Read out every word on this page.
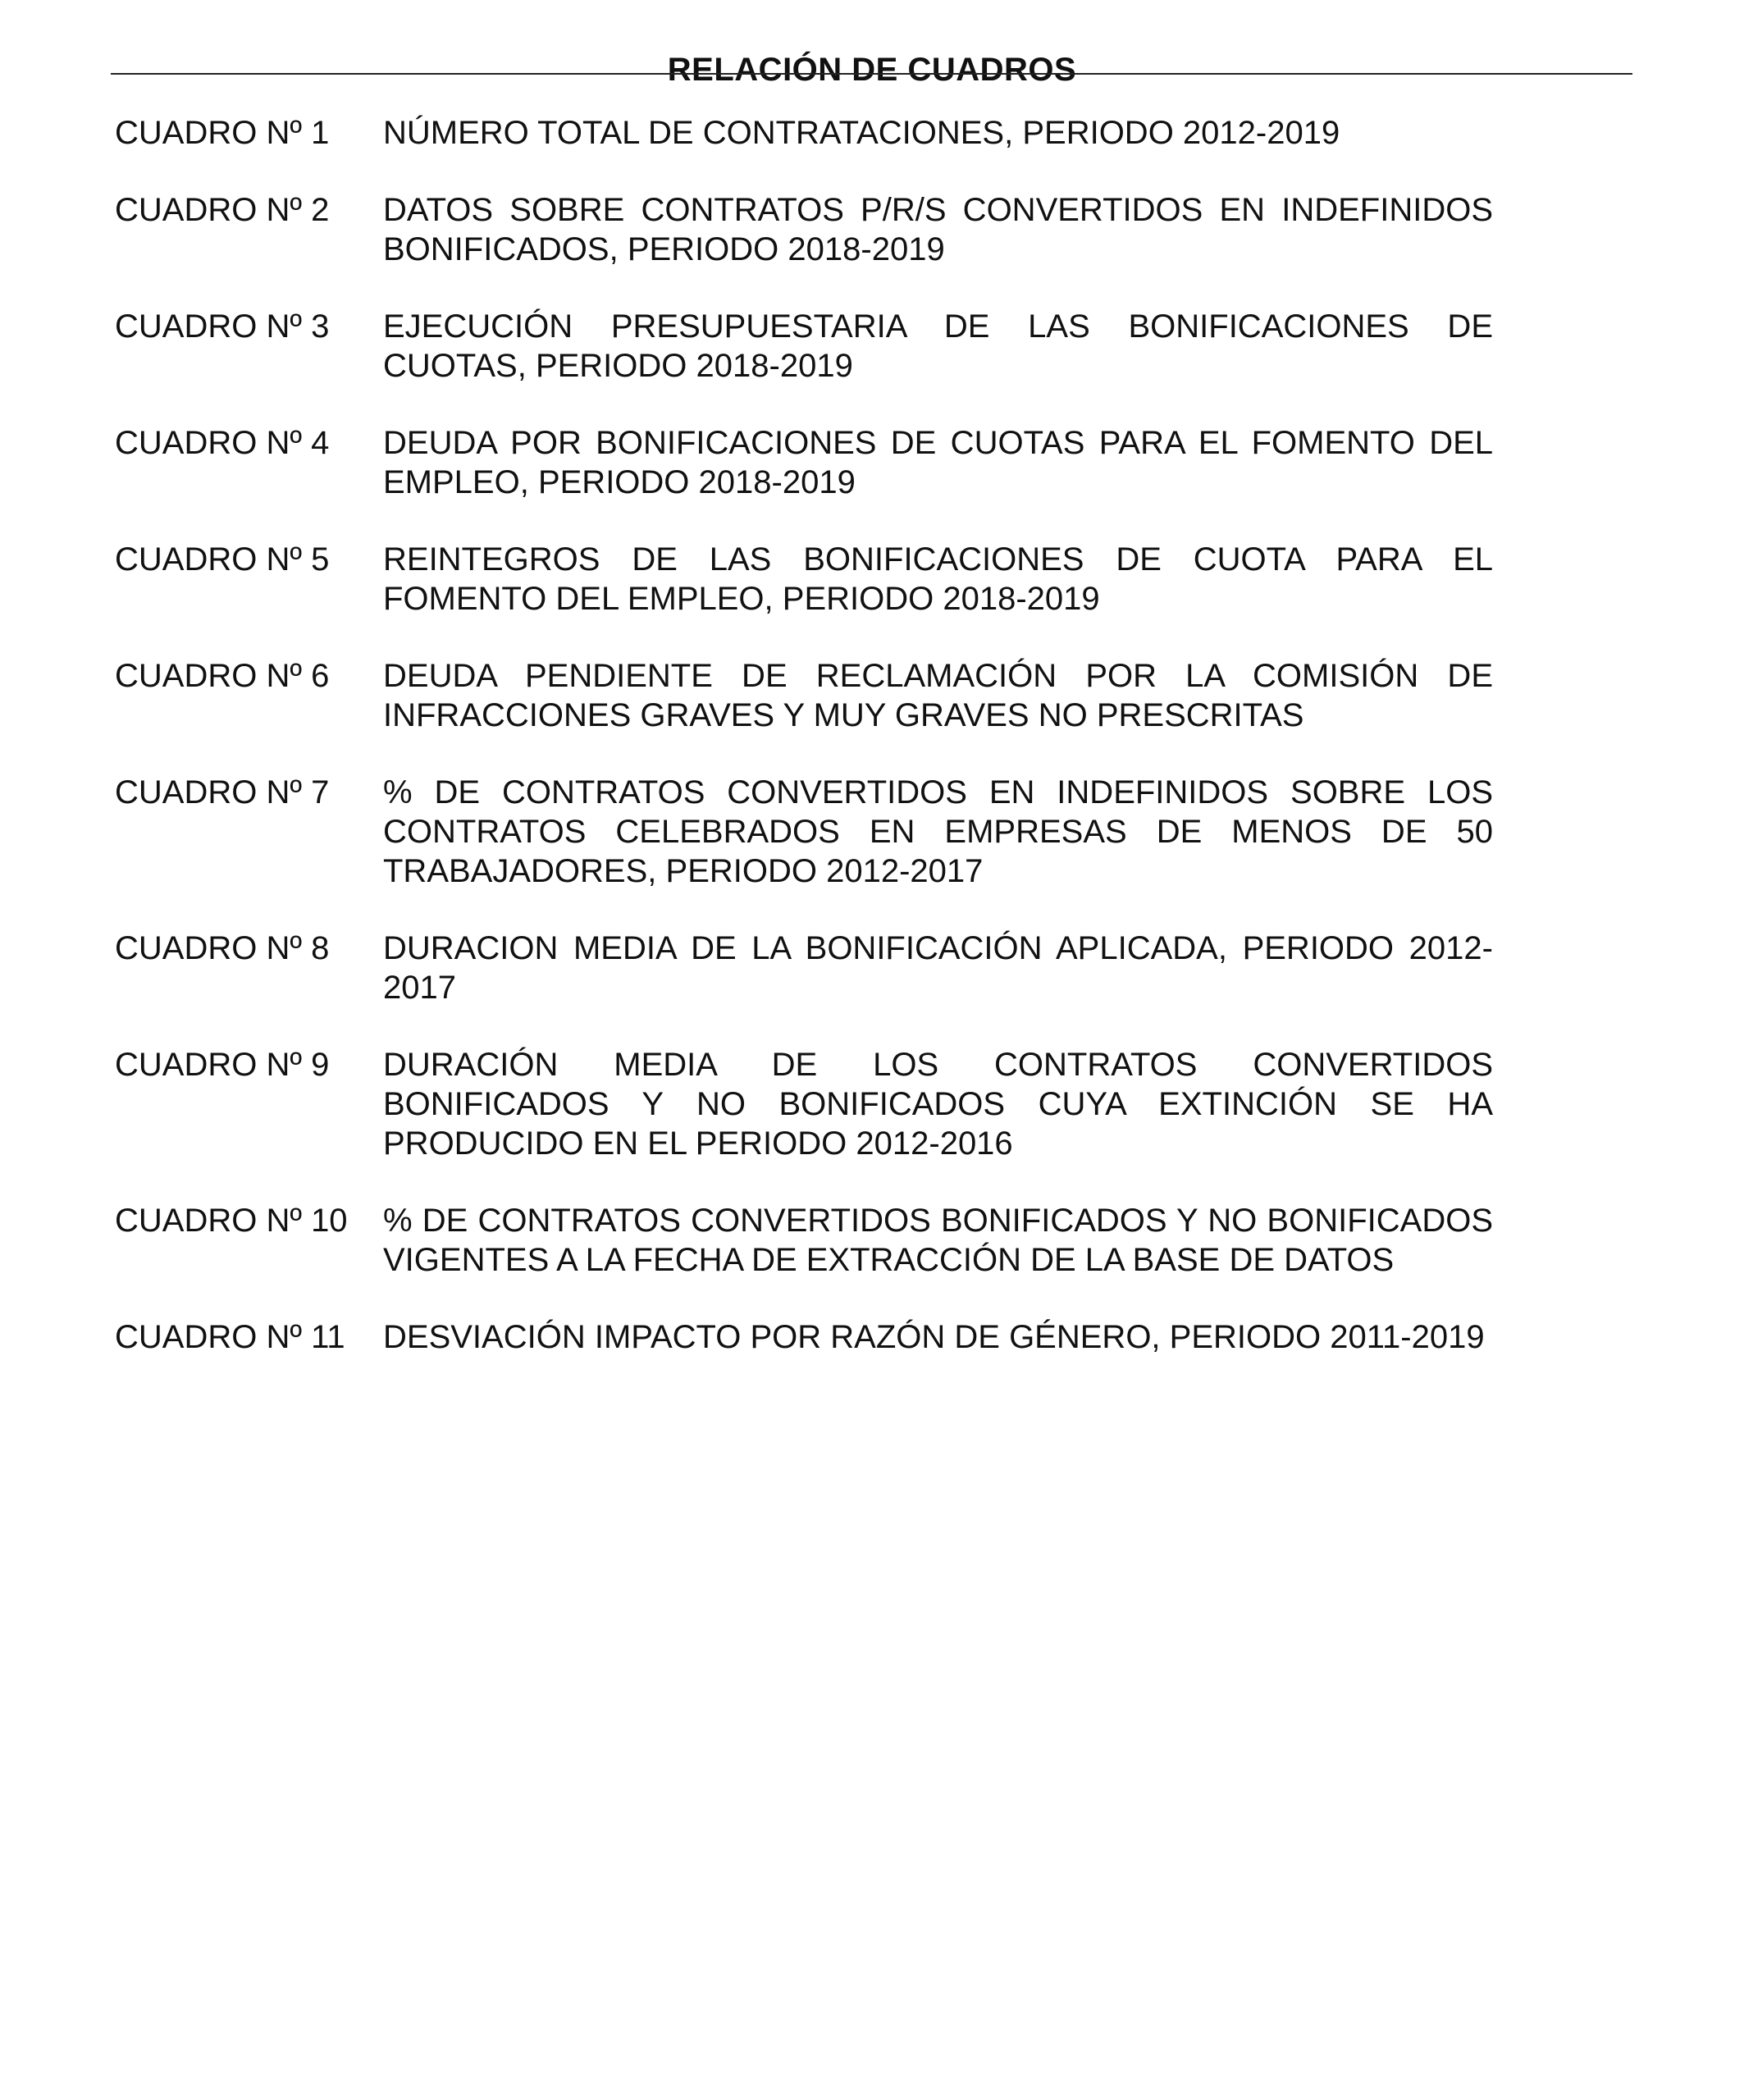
RELACIÓN DE CUADROS
CUADRO Nº 1	NÚMERO TOTAL DE CONTRATACIONES, PERIODO 2012-2019
CUADRO Nº 2	DATOS SOBRE CONTRATOS P/R/S CONVERTIDOS EN INDEFINIDOS BONIFICADOS, PERIODO 2018-2019
CUADRO Nº 3	EJECUCIÓN PRESUPUESTARIA DE LAS BONIFICACIONES DE CUOTAS, PERIODO 2018-2019
CUADRO Nº 4	DEUDA POR BONIFICACIONES DE CUOTAS PARA EL FOMENTO DEL EMPLEO, PERIODO 2018-2019
CUADRO Nº 5	REINTEGROS DE LAS BONIFICACIONES DE CUOTA PARA EL FOMENTO DEL EMPLEO, PERIODO 2018-2019
CUADRO Nº 6	DEUDA PENDIENTE DE RECLAMACIÓN POR LA COMISIÓN DE INFRACCIONES GRAVES Y MUY GRAVES NO PRESCRITAS
CUADRO Nº 7	% DE CONTRATOS CONVERTIDOS EN INDEFINIDOS SOBRE LOS CONTRATOS CELEBRADOS EN EMPRESAS DE MENOS DE 50 TRABAJADORES, PERIODO 2012-2017
CUADRO Nº 8	DURACION MEDIA DE LA BONIFICACIÓN APLICADA, PERIODO 2012-2017
CUADRO Nº 9	DURACIÓN MEDIA DE LOS CONTRATOS CONVERTIDOS BONIFICADOS Y NO BONIFICADOS CUYA EXTINCIÓN SE HA PRODUCIDO EN EL PERIODO 2012-2016
CUADRO Nº 10	% DE CONTRATOS CONVERTIDOS BONIFICADOS Y NO BONIFICADOS VIGENTES A LA FECHA DE EXTRACCIÓN DE LA BASE DE DATOS
CUADRO Nº 11	DESVIACIÓN IMPACTO POR RAZÓN DE GÉNERO, PERIODO 2011-2019
